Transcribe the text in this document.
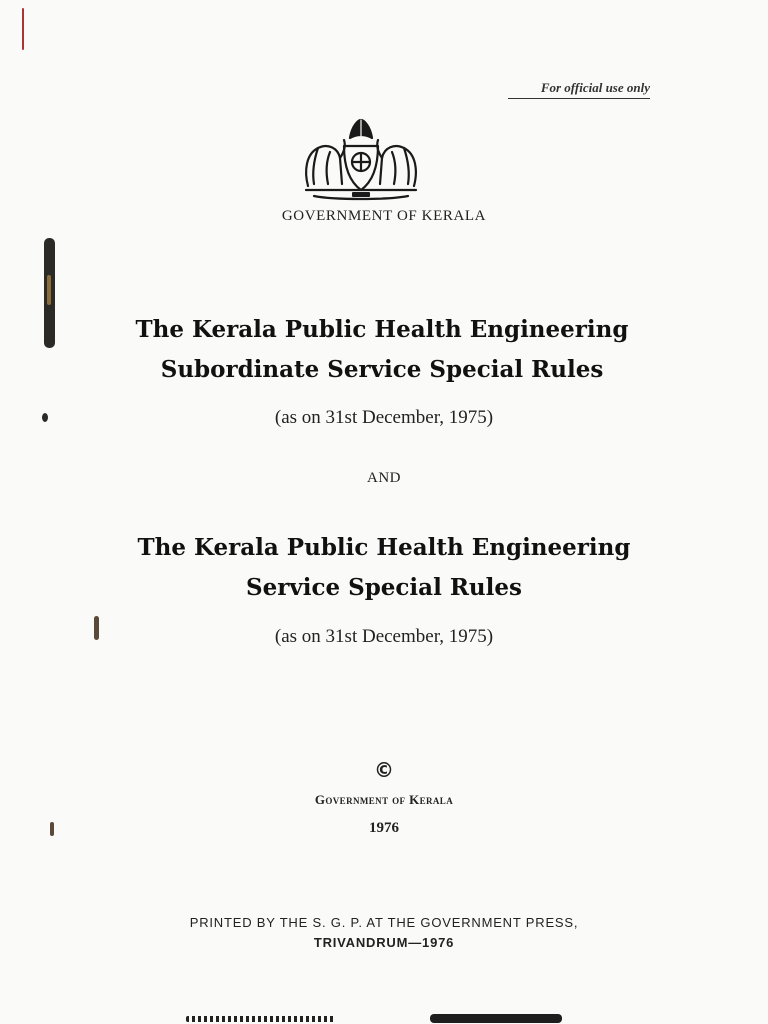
For official use only
GOVERNMENT OF KERALA
The Kerala Public Health Engineering
Subordinate Service Special Rules
(as on 31st December, 1975)
AND
The Kerala Public Health Engineering
Service Special Rules
(as on 31st December, 1975)
©
Government of Kerala
1976
PRINTED BY THE S. G. P. AT THE GOVERNMENT PRESS,
TRIVANDRUM—1976
